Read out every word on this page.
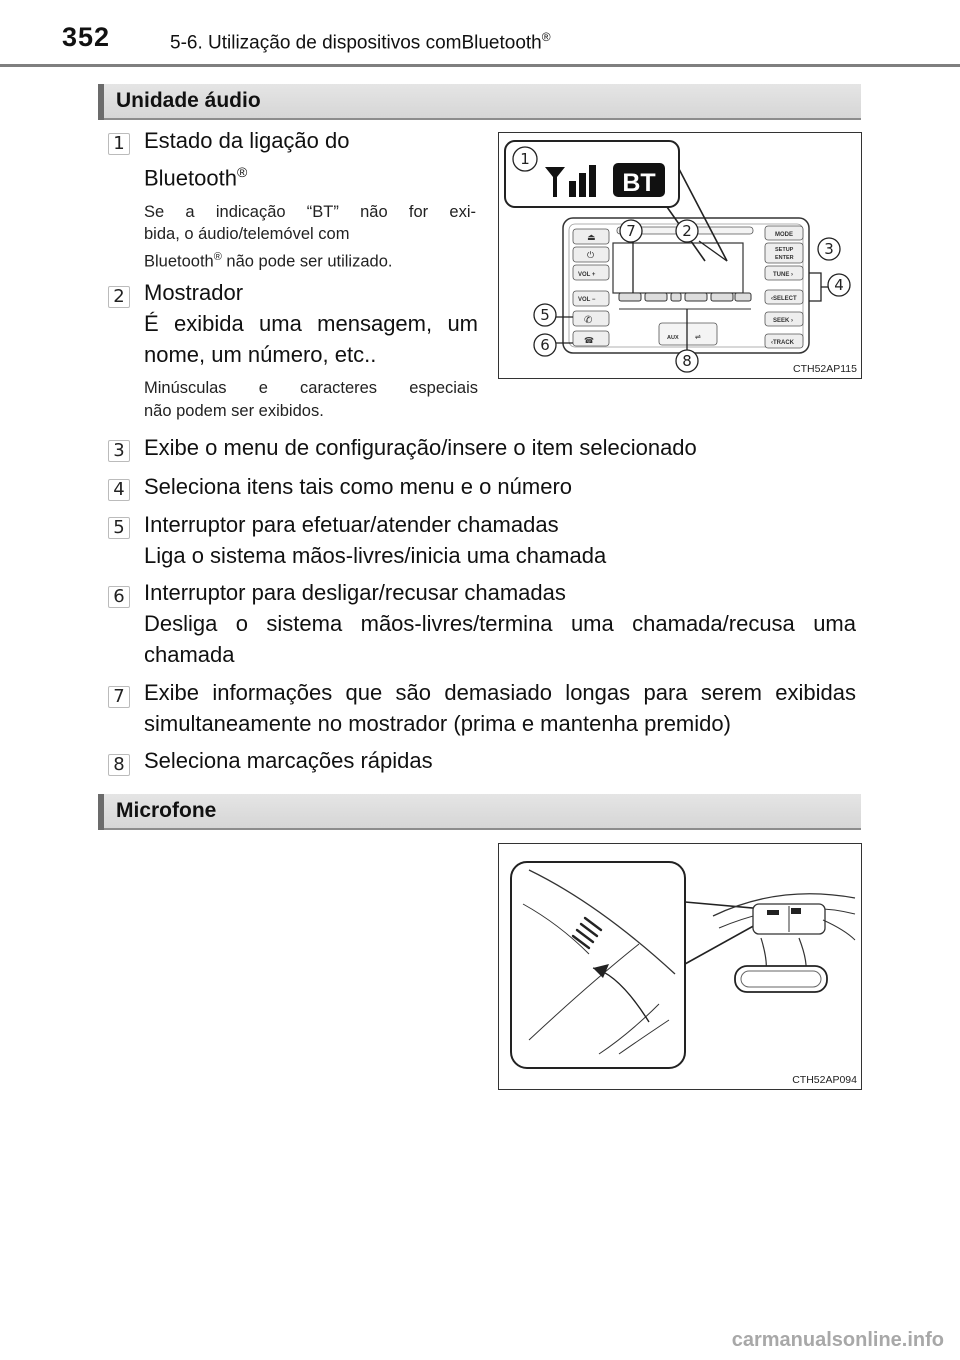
352	5-6. Utilização de dispositivos comBluetooth®
Unidade áudio
1 Estado da ligação do
Bluetooth®
Se a indicação “BT” não for exi-
bida, o áudio/telemóvel com
Bluetooth® não pode ser utilizado.
2 Mostrador
É exibida uma mensagem, um
nome, um número, etc..
Minúsculas e caracteres especiais
não podem ser exibidos.
⏏
⏻
VOL +
VOL −
✆
☎
MODE
SETUP
ENTER
TUNE ›
‹SELECT
SEEK ›
‹TRACK
AUX ⇌
BT
1
7	2
3
4
5
6
8	CTH52AP115
3 Exibe o menu de configuração/insere o item selecionado
4 Seleciona itens tais como menu e o número
5 Interruptor para efetuar/atender chamadas
Liga o sistema mãos-livres/inicia uma chamada
6 Interruptor para desligar/recusar chamadas
Desliga o sistema mãos-livres/termina uma chamada/recusa uma chamada
7 Exibe informações que são demasiado longas para serem exibidas simultaneamente no mostrador (prima e mantenha premido)
8 Seleciona marcações rápidas
Microfone
CTH52AP094
carmanualsonline.info
